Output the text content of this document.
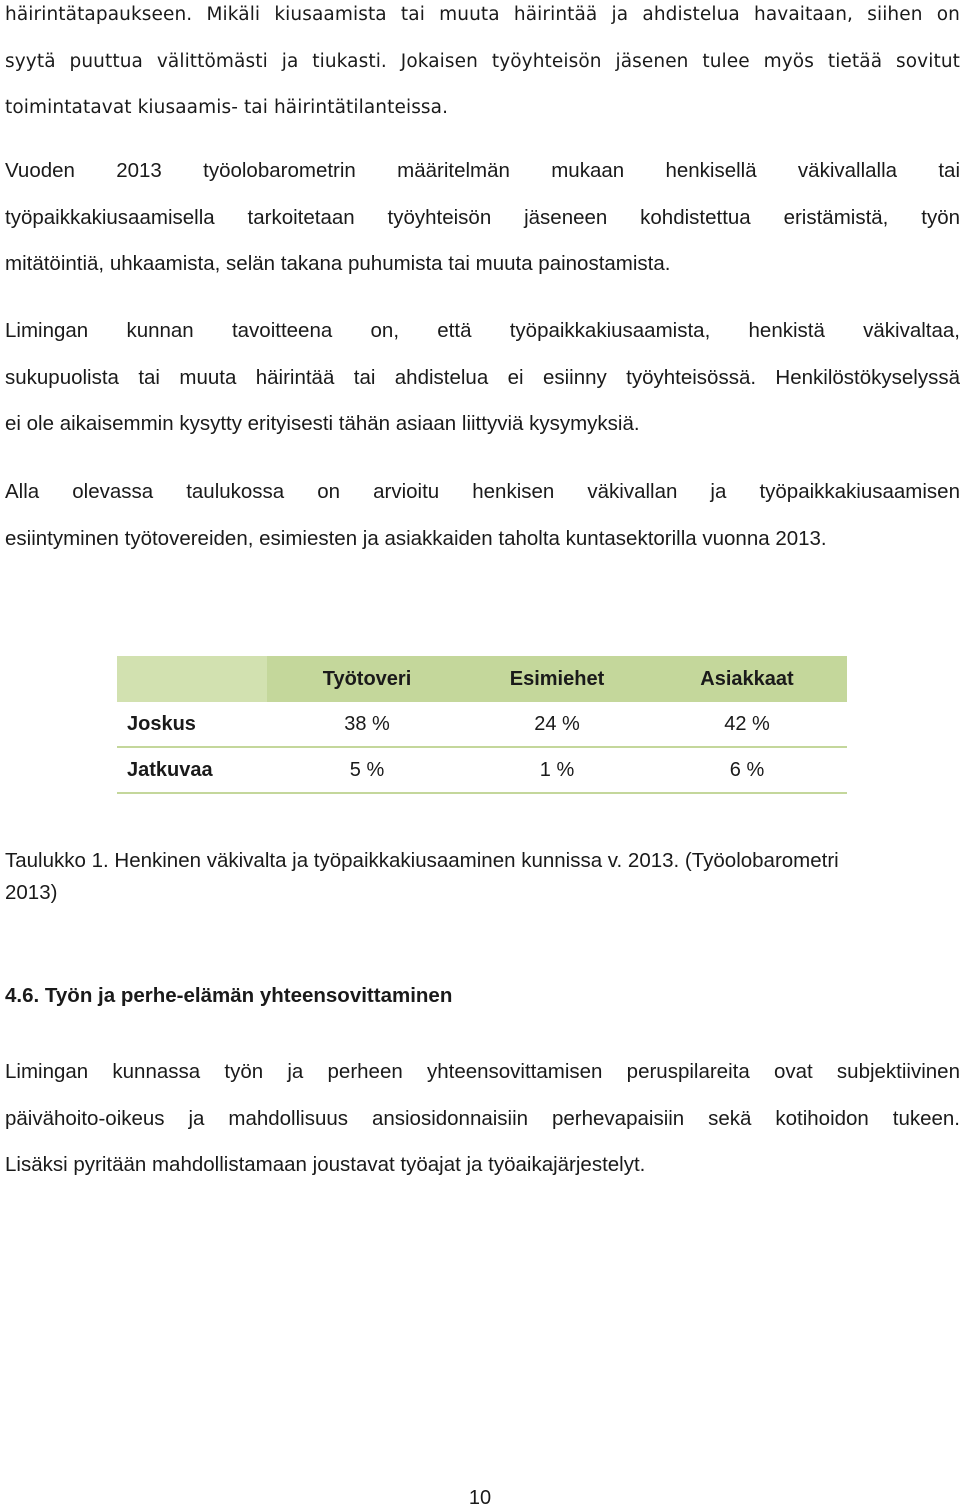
häirintätapaukseen. Mikäli kiusaamista tai muuta häirintää ja ahdistelua havaitaan, siihen on
syytä puuttua välittömästi ja tiukasti. Jokaisen työyhteisön jäsenen tulee myös tietää sovitut
toimintatavat kiusaamis- tai häirintätilanteissa.
Vuoden 2013 työolobarometrin määritelmän mukaan henkisellä väkivallalla tai
työpaikkakiusaamisella tarkoitetaan työyhteisön jäseneen kohdistettua eristämistä, työn
mitätöintiä, uhkaamista, selän takana puhumista tai muuta painostamista.
Limingan kunnan tavoitteena on, että työpaikkakiusaamista, henkistä väkivaltaa,
sukupuolista tai muuta häirintää tai ahdistelua ei esiinny työyhteisössä. Henkilöstökyselyssä
ei ole aikaisemmin kysytty erityisesti tähän asiaan liittyviä kysymyksiä.
Alla olevassa taulukossa on arvioitu henkisen väkivallan ja työpaikkakiusaamisen
esiintyminen työtovereiden, esimiesten ja asiakkaiden taholta kuntasektorilla vuonna 2013.
	Työtoveri	Esimiehet	Asiakkaat
Joskus	38 %	24 %	42 %
Jatkuvaa	5 %	1 %	6 %

Taulukko 1. Henkinen väkivalta ja työpaikkakiusaaminen kunnissa v. 2013. (Työolobarometri
2013)

4.6. Työn ja perhe-elämän yhteensovittaminen
Limingan kunnassa työn ja perheen yhteensovittamisen peruspilareita ovat subjektiivinen
päivähoito-oikeus ja mahdollisuus ansiosidonnaisiin perhevapaisiin sekä kotihoidon tukeen.
Lisäksi pyritään mahdollistamaan joustavat työajat ja työaikajärjestelyt.

10
